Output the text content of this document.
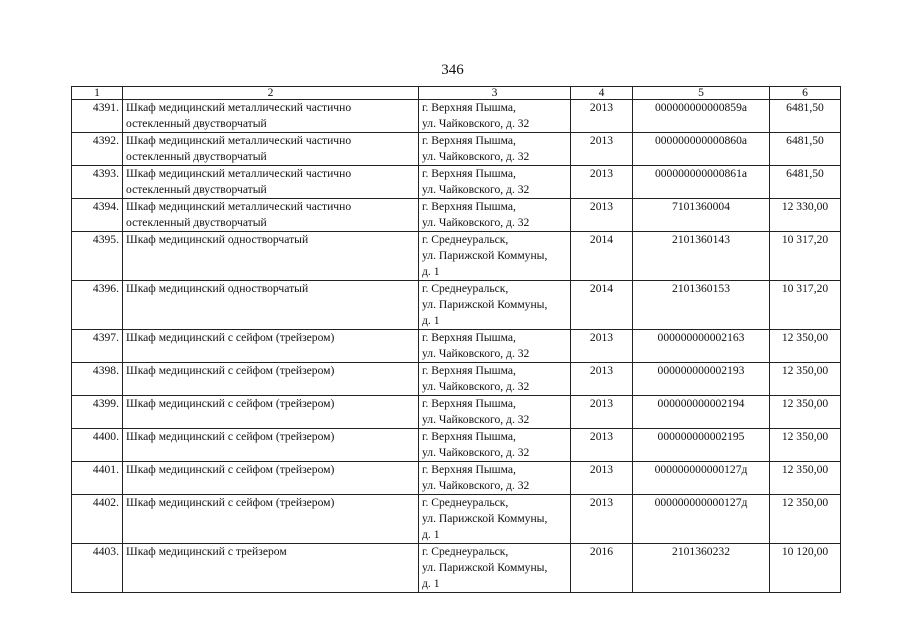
346
1	2	3	4	5	6
4391.	Шкаф медицинский металлический частично остекленный двустворчатый	г. Верхняя Пышма,
ул. Чайковского, д. 32	2013	000000000000859a	6481,50
4392.	Шкаф медицинский металлический частично остекленный двустворчатый	г. Верхняя Пышма,
ул. Чайковского, д. 32	2013	000000000000860a	6481,50
4393.	Шкаф медицинский металлический частично остекленный двустворчатый	г. Верхняя Пышма,
ул. Чайковского, д. 32	2013	000000000000861a	6481,50
4394.	Шкаф медицинский металлический частично остекленный двустворчатый	г. Верхняя Пышма,
ул. Чайковского, д. 32	2013	7101360004	12 330,00
4395.	Шкаф медицинский одностворчатый	г. Среднеуральск,
ул. Парижской Коммуны,
д. 1	2014	2101360143	10 317,20
4396.	Шкаф медицинский одностворчатый	г. Среднеуральск,
ул. Парижской Коммуны,
д. 1	2014	2101360153	10 317,20
4397.	Шкаф медицинский с сейфом (трейзером)	г. Верхняя Пышма,
ул. Чайковского, д. 32	2013	000000000002163	12 350,00
4398.	Шкаф медицинский с сейфом (трейзером)	г. Верхняя Пышма,
ул. Чайковского, д. 32	2013	000000000002193	12 350,00
4399.	Шкаф медицинский с сейфом (трейзером)	г. Верхняя Пышма,
ул. Чайковского, д. 32	2013	000000000002194	12 350,00
4400.	Шкаф медицинский с сейфом (трейзером)	г. Верхняя Пышма,
ул. Чайковского, д. 32	2013	000000000002195	12 350,00
4401.	Шкаф медицинский с сейфом (трейзером)	г. Верхняя Пышма,
ул. Чайковского, д. 32	2013	000000000000127д	12 350,00
4402.	Шкаф медицинский с сейфом (трейзером)	г. Среднеуральск,
ул. Парижской Коммуны,
д. 1	2013	000000000000127д	12 350,00
4403.	Шкаф медицинский с трейзером	г. Среднеуральск,
ул. Парижской Коммуны,
д. 1	2016	2101360232	10 120,00
